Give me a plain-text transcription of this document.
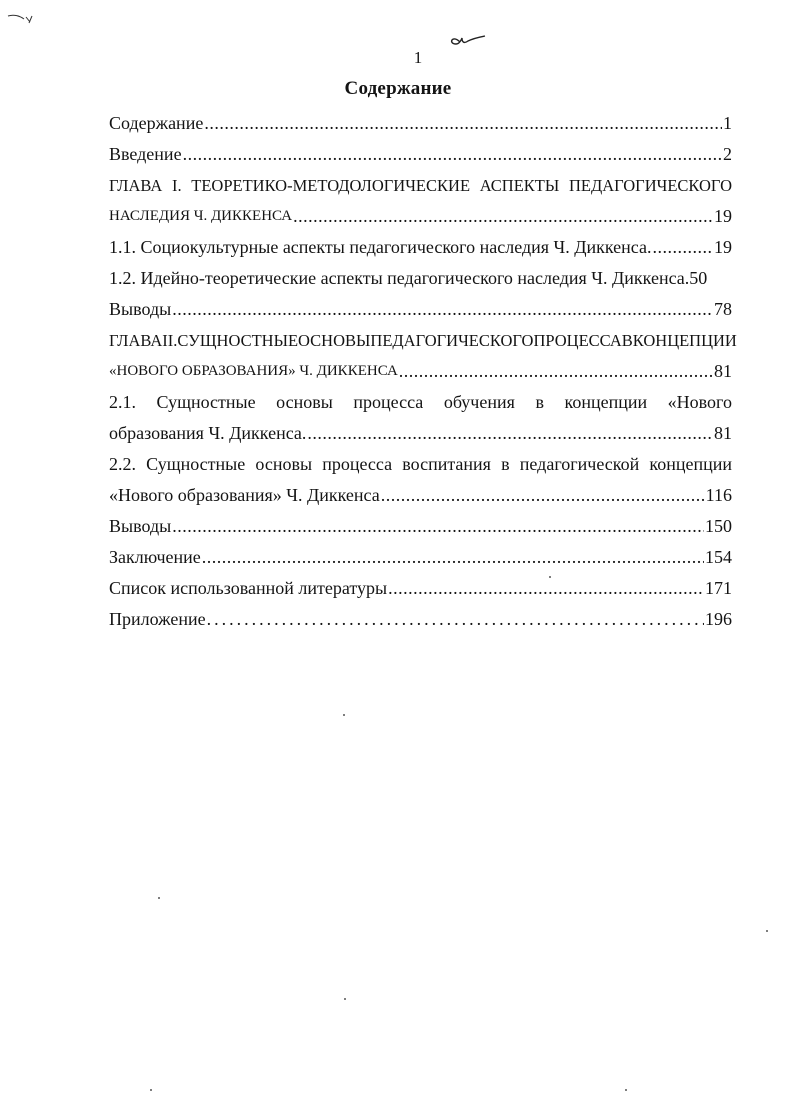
1
Содержание
Содержание .....	1
Введение .....	2
ГЛАВА I. ТЕОРЕТИКО-МЕТОДОЛОГИЧЕСКИЕ АСПЕКТЫ ПЕДАГОГИЧЕСКОГО
НАСЛЕДИЯ Ч. ДИККЕНСА .....	19
1.1. Социокультурные аспекты педагогического наследия Ч. Диккенса. .....	19
1.2. Идейно-теоретические аспекты педагогического наследия Ч. Диккенса. 50
Выводы .....	78
ГЛАВА II. СУЩНОСТНЫЕ ОСНОВЫ ПЕДАГОГИЧЕСКОГО ПРОЦЕССА В КОНЦЕПЦИИ
«НОВОГО ОБРАЗОВАНИЯ» Ч. ДИККЕНСА .....	81
2.1. Сущностные основы процесса обучения в концепции «Нового
образования Ч. Диккенса. .....	81
2.2. Сущностные основы процесса воспитания в педагогической концепции
«Нового образования» Ч. Диккенса .....	116
Выводы .....	150
Заключение .....	154
Список использованной литературы .....	171
Приложение .....	196
